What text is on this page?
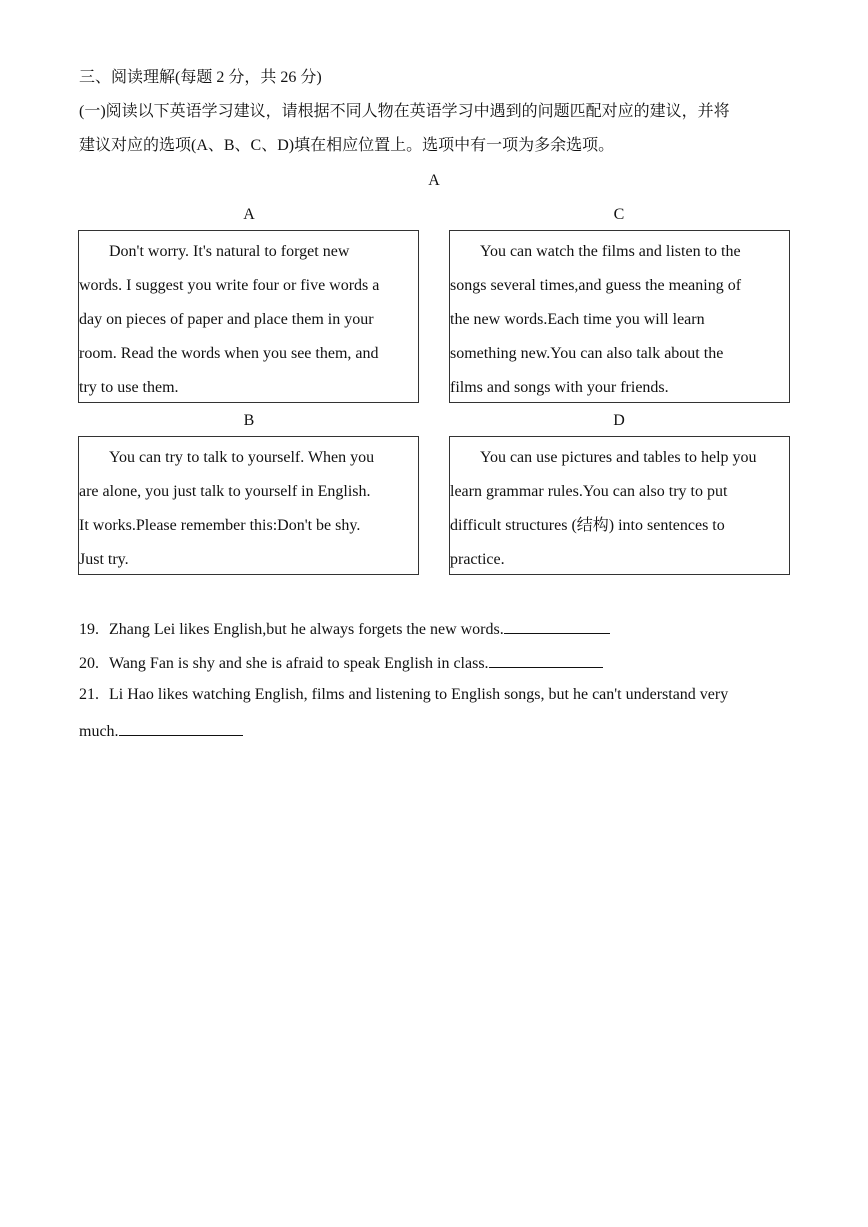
三、阅读理解(每题 2 分，共 26 分)
(一)阅读以下英语学习建议，请根据不同人物在英语学习中遇到的问题匹配对应的建议，并将
建议对应的选项(A、B、C、D)填在相应位置上。选项中有一项为多余选项。
A
A

Don't worry. It's natural to forget new

words. I suggest you write four or five words a

day on pieces of paper and place them in your

room. Read the words when you see them, and

try to use them.

C

You can watch the films and listen to the

songs several times,and guess the meaning of

the new words.Each time you will learn

something new.You can also talk about the

films and songs with your friends.

B

You can try to talk to yourself. When you

are alone, you just talk to yourself in English.

It works.Please remember this:Don't be shy.

Just try.

D

You can use pictures and tables to help you

learn grammar rules.You can also try to put

difficult structures (结构) into sentences to

practice.

19. Zhang Lei likes English,but he always forgets the new words.
20. Wang Fan is shy and she is afraid to speak English in class.
21. Li Hao likes watching English, films and listening to English songs, but he can't understand very
much.
